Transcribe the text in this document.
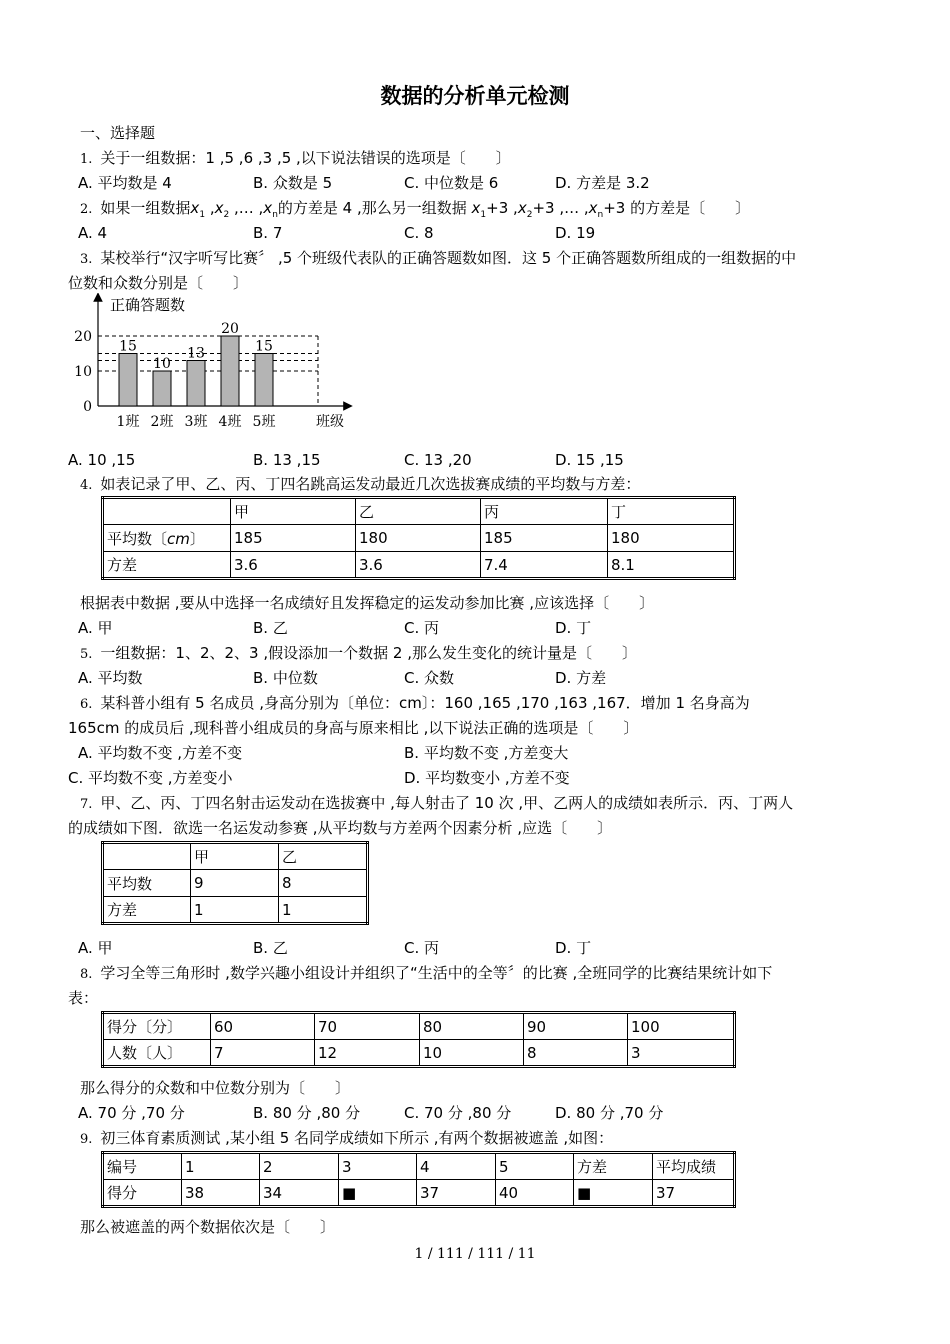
数据的分析单元检测
一、选择题
1. 关于一组数据：1 ,5 ,6 ,3 ,5 ,以下说法错误的选项是〔　　〕
A. 平均数是 4	B. 众数是 5	C. 中位数是 6	D. 方差是 3.2
2. 如果一组数据$x_1$ $,x_2$ ,… $,x_n$的方差是 4 ,那么另一组数据 $x_1+3$ $,x_2+3$ ,… $,x_n+3$ 的方差是〔　　〕
A. 4	B. 7	C. 8	D. 19
3. 某校举行“汉字听写比赛〞 ,5 个班级代表队的正确答题数如图．这 5 个正确答题数所组成的一组数据的中
位数和众数分别是〔　　〕
正确答题数
班级
0
10
20
15
10
13
20
15
1班 2班 3班 4班 5班
A. 10 ,15	B. 13 ,15	C. 13 ,20	D. 15 ,15
4. 如表记录了甲、乙、丙、丁四名跳高运发动最近几次选拔赛成绩的平均数与方差：
	甲	乙	丙	丁
平均数〔cm〕	185	180	185	180
方差	3.6	3.6	7.4	8.1
根据表中数据 ,要从中选择一名成绩好且发挥稳定的运发动参加比赛 ,应该选择〔　　〕
A. 甲	B. 乙	C. 丙	D. 丁
5. 一组数据：1、2、2、3 ,假设添加一个数据 2 ,那么发生变化的统计量是〔　　〕
A. 平均数	B. 中位数	C. 众数	D. 方差
6. 某科普小组有 5 名成员 ,身高分别为〔单位：cm〕：160 ,165 ,170 ,163 ,167．增加 1 名身高为
165cm 的成员后 ,现科普小组成员的身高与原来相比 ,以下说法正确的选项是〔　　〕
A. 平均数不变 ,方差不变	B. 平均数不变 ,方差变大
C. 平均数不变 ,方差变小	D. 平均数变小 ,方差不变
7. 甲、乙、丙、丁四名射击运发动在选拔赛中 ,每人射击了 10 次 ,甲、乙两人的成绩如表所示．丙、丁两人
的成绩如下图．欲选一名运发动参赛 ,从平均数与方差两个因素分析 ,应选〔　　〕
	甲	乙
平均数	9	8
方差	1	1
A. 甲	B. 乙	C. 丙	D. 丁
8. 学习全等三角形时 ,数学兴趣小组设计并组织了“生活中的全等〞的比赛 ,全班同学的比赛结果统计如下
表：
得分〔分〕	60	70	80	90	100
人数〔人〕	7	12	10	8	3
那么得分的众数和中位数分别为〔　　〕
A. 70 分 ,70 分	B. 80 分 ,80 分	C. 70 分 ,80 分	D. 80 分 ,70 分
9. 初三体育素质测试 ,某小组 5 名同学成绩如下所示 ,有两个数据被遮盖 ,如图：
编号	1	2	3	4	5	方差	平均成绩
得分	38	34	■	37	40	■	37
那么被遮盖的两个数据依次是〔　　〕
1 / 111 / 111 / 11
